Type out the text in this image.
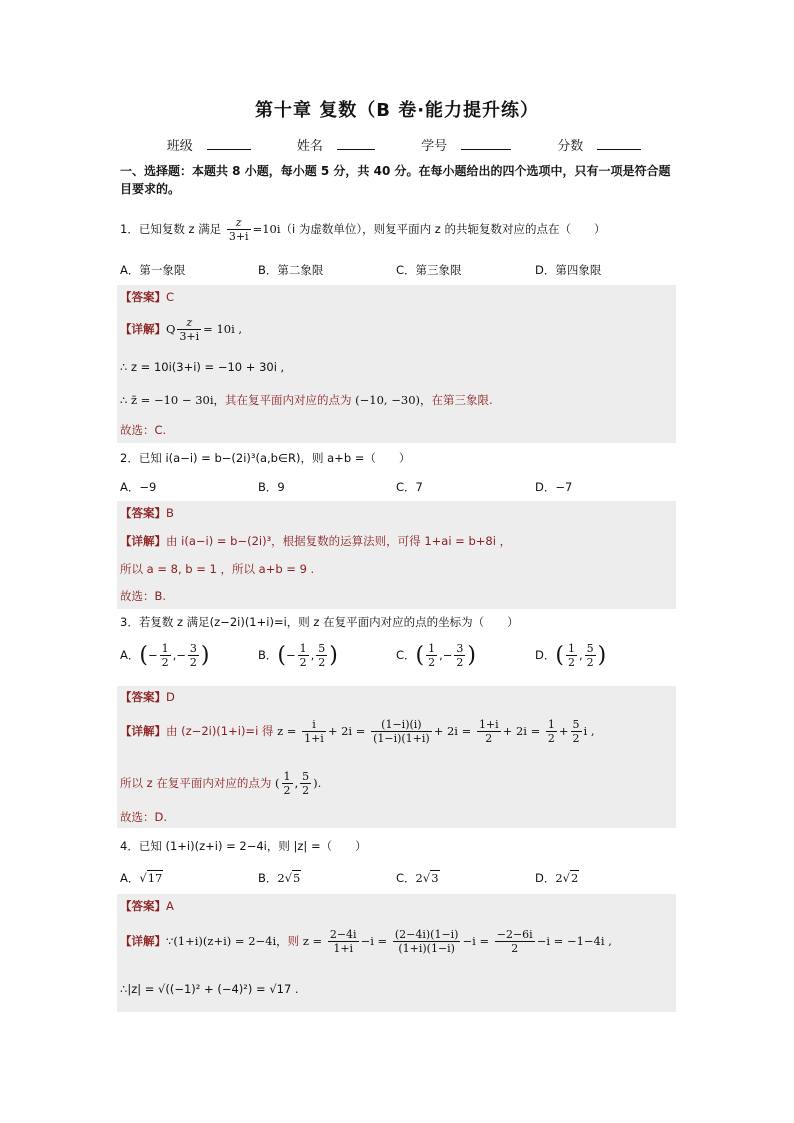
第十章 复数（B 卷·能力提升练）
班级	姓名	学号	分数
一、选择题：本题共 8 小题，每小题 5 分，共 40 分。在每小题给出的四个选项中，只有一项是符合题目要求的。
1．已知复数 z 满足 $\frac{z}{3+i} =10i(i$ 为虚数单位），则复平面内 z 的共轭复数对应的点在（　　）
A．第一象限	B．第二象限	C．第三象限	D．第四象限
【答案】C
【详解】Q $\frac{z}{3+i} = 10i$ ,
∴ z = 10i(3+i) = −10 + 30i ,
∴ z̄ = −10 − 30i，其在复平面内对应的点为 (−10, −30)，在第三象限.
故选：C.
2．已知 i(a−i) = b−(2i)³(a,b∈R)，则 a+b =（　　）
A．−9	B．9	C．7	D．−7
【答案】B
【详解】由 i(a−i) = b−(2i)³，根据复数的运算法则，可得 1+ai = b+8i ，
所以 a = 8, b = 1 ，所以 a+b = 9 .
故选：B.
3．若复数 z 满足(z−2i)(1+i)=i，则 z 在复平面内对应的点的坐标为（　　）
A．(− $\frac{1}{2}$ ,− $\frac{3}{2}$ )	B．(− $\frac{1}{2}$ , $\frac{5}{2}$ )	C．( $\frac{1}{2}$ ,− $\frac{3}{2}$ )	D．( $\frac{1}{2}$ , $\frac{5}{2}$ )
【答案】D
【详解】由 (z−2i)(1+i)=i 得 $z = \frac{i}{1+i} + 2i = \frac{(1-i)(i)}{(1-i)(1+i)} + 2i = \frac{1+i}{2} + 2i = \frac{1}{2} + \frac{5}{2}$ i ,
所以 z 在复平面内对应的点为 ( $\frac{1}{2}$ , $\frac{5}{2}$ ).
故选：D.
4．已知 (1+i)(z+i) = 2−4i，则 |z| =（　　）
A．√17	B．2√5	C．2√3	D．2√2
【答案】A
【详解】∵(1+i)(z+i) = 2−4i，则 $z = \frac{2-4i}{1+i} -i = \frac{(2-4i)(1-i)}{(1+i)(1-i)} -i = \frac{-2-6i}{2} -i = -1-4i$ ,
∴|z| = √((−1)² + (−4)²) = √17 .
